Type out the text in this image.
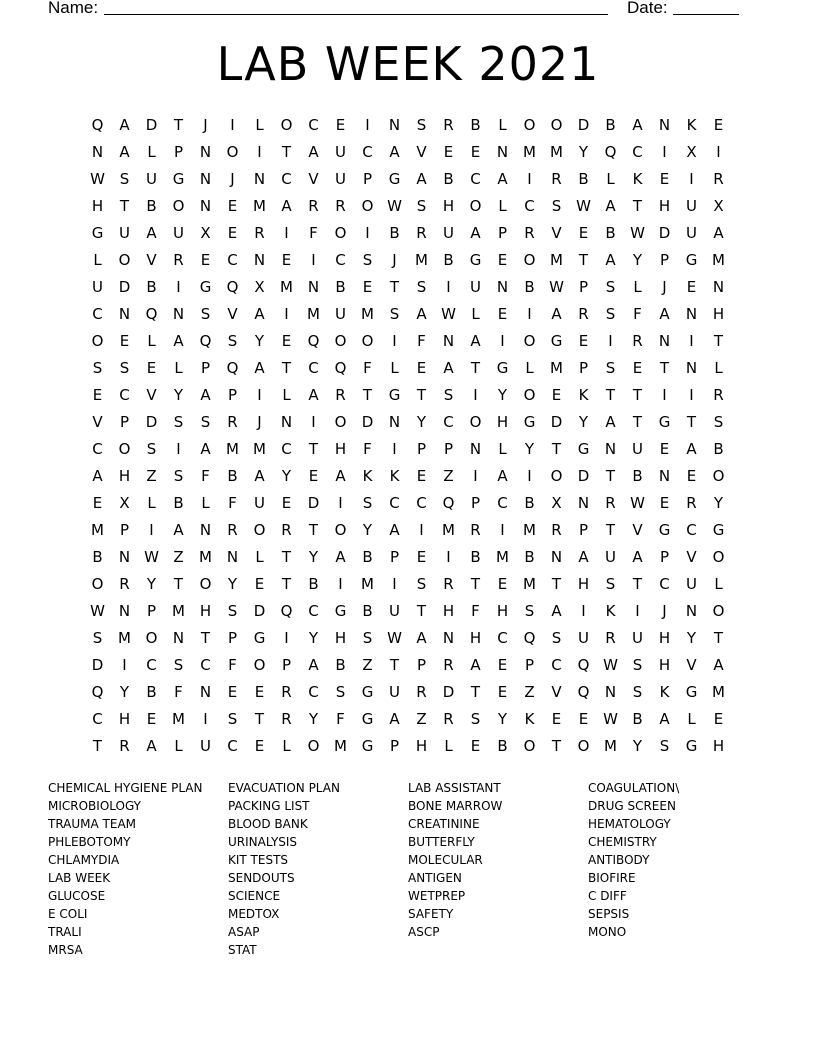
Name:	Date:
LAB WEEK 2021
Q A D T J I L O C E I N S R B L O O D B A N K E
N A L P N O I T A U C A V E E N M M Y Q C I X I
W S U G N J N C V U P G A B C A I R B L K E I R
H T B O N E M A R R O W S H O L C S W A T H U X
G U A U X E R I F O I B R U A P R V E B W D U A
L O V R E C N E I C S J M B G E O M T A Y P G M
U D B I G Q X M N B E T S I U N B W P S L J E N
C N Q N S V A I M U M S A W L E I A R S F A N H
O E L A Q S Y E Q O O I F N A I O G E I R N I T
S S E L P Q A T C Q F L E A T G L M P S E T N L
E C V Y A P I L A R T G T S I Y O E K T T I I R
V P D S S R J N I O D N Y C O H G D Y A T G T S
C O S I A M M C T H F I P P N L Y T G N U E A B
A H Z S F B A Y E A K K E Z I A I O D T B N E O
E X L B L F U E D I S C C Q P C B X N R W E R Y
M P I A N R O R T O Y A I M R I M R P T V G C G
B N W Z M N L T Y A B P E I B M B N A U A P V O
O R Y T O Y E T B I M I S R T E M T H S T C U L
W N P M H S D Q C G B U T H F H S A I K I J N O
S M O N T P G I Y H S W A N H C Q S U R U H Y T
D I C S C F O P A B Z T P R A E P C Q W S H V A
Q Y B F N E E R C S G U R D T E Z V Q N S K G M
C H E M I S T R Y F G A Z R S Y K E E W B A L E
T R A L U C E L O M G P H L E B O T O M Y S G H
CHEMICAL HYGIENE PLAN
MICROBIOLOGY
TRAUMA TEAM
PHLEBOTOMY
CHLAMYDIA
LAB WEEK
GLUCOSE
E COLI
TRALI
MRSA
EVACUATION PLAN
PACKING LIST
BLOOD BANK
URINALYSIS
KIT TESTS
SENDOUTS
SCIENCE
MEDTOX
ASAP
STAT
LAB ASSISTANT
BONE MARROW
CREATININE
BUTTERFLY
MOLECULAR
ANTIGEN
WETPREP
SAFETY
ASCP
COAGULATION\
DRUG SCREEN
HEMATOLOGY
CHEMISTRY
ANTIBODY
BIOFIRE
C DIFF
SEPSIS
MONO
